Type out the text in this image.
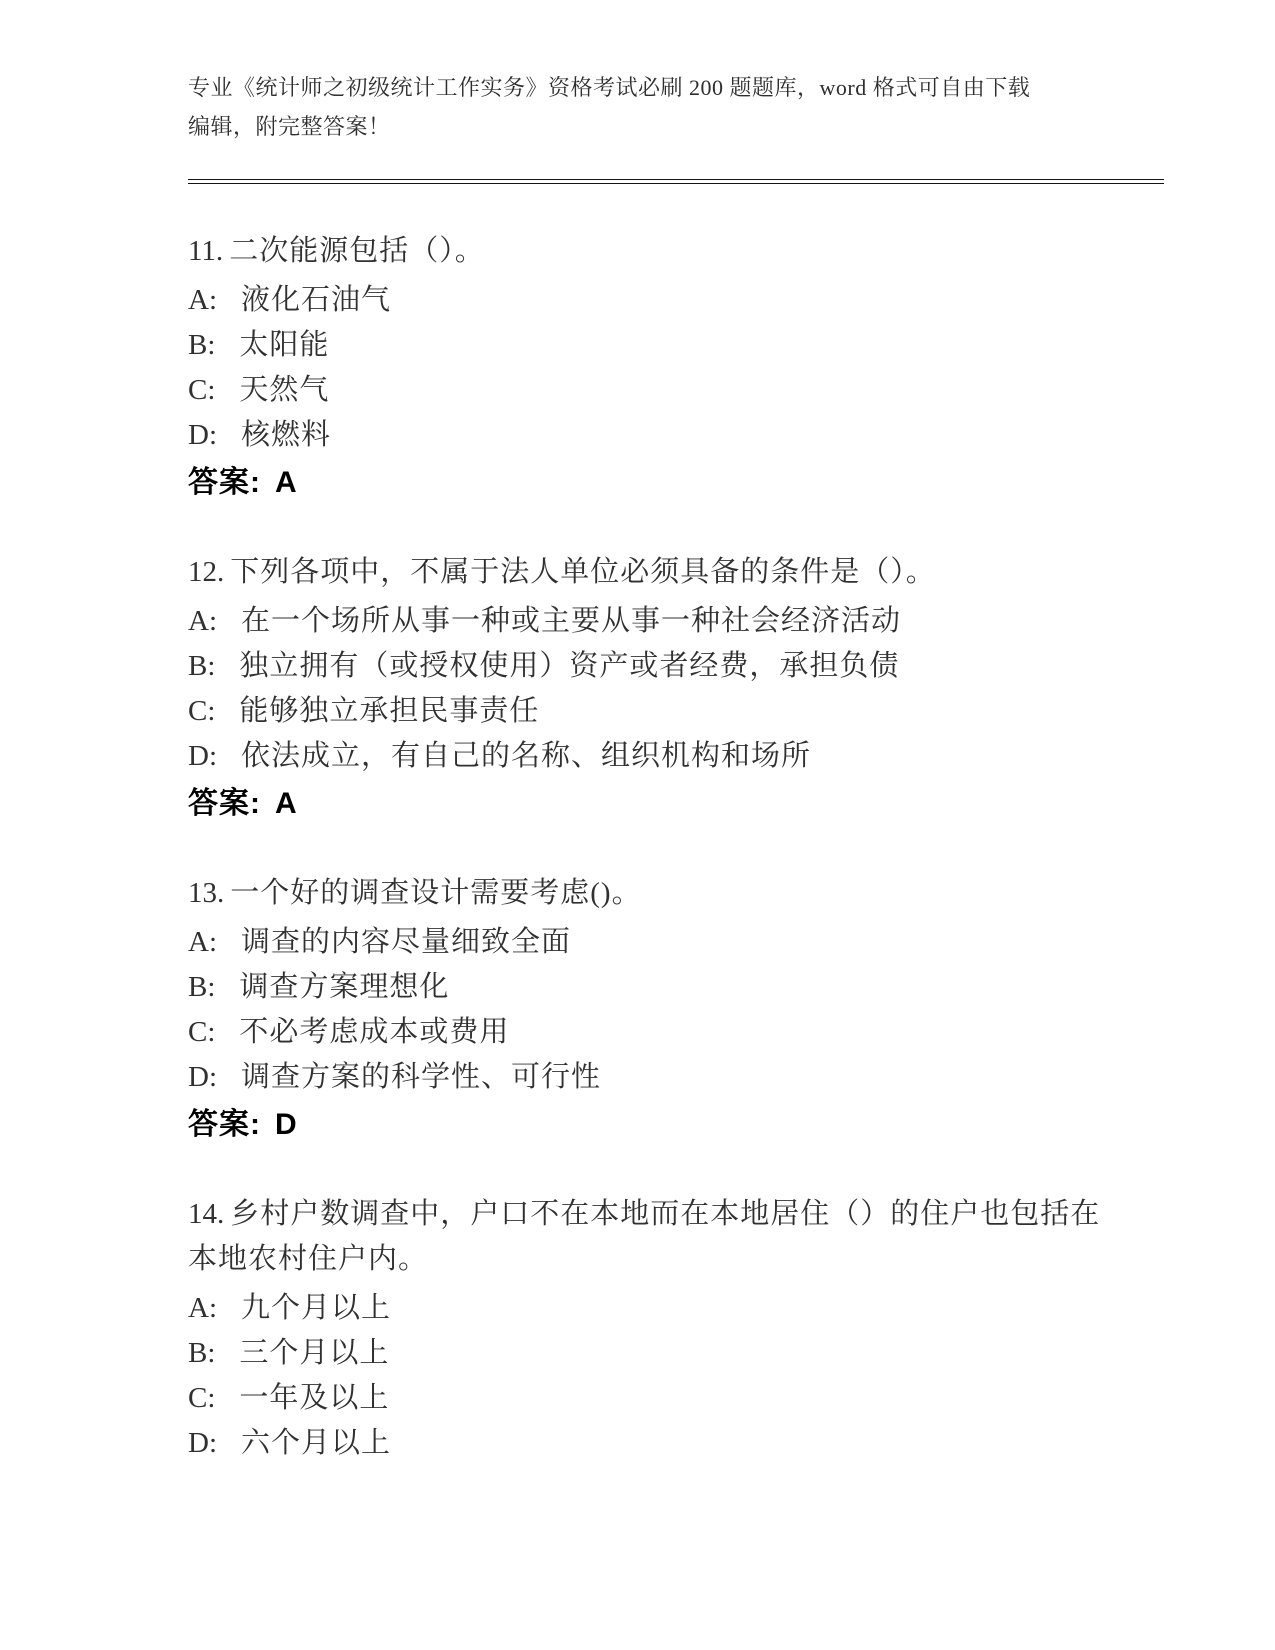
专业《统计师之初级统计工作实务》资格考试必刷 200 题题库，word 格式可自由下载编辑，附完整答案！

11. 二次能源包括（）。

A: 液化石油气

B: 太阳能

C: 天然气

D: 核燃料

答案: A

12. 下列各项中，不属于法人单位必须具备的条件是（）。

A: 在一个场所从事一种或主要从事一种社会经济活动

B: 独立拥有（或授权使用）资产或者经费，承担负债

C: 能够独立承担民事责任

D: 依法成立，有自己的名称、组织机构和场所

答案: A

13. 一个好的调查设计需要考虑()。

A: 调查的内容尽量细致全面

B: 调查方案理想化

C: 不必考虑成本或费用

D: 调查方案的科学性、可行性

答案: D

14. 乡村户数调查中，户口不在本地而在本地居住（）的住户也包括在本地农村住户内。

A: 九个月以上

B: 三个月以上

C: 一年及以上

D: 六个月以上
